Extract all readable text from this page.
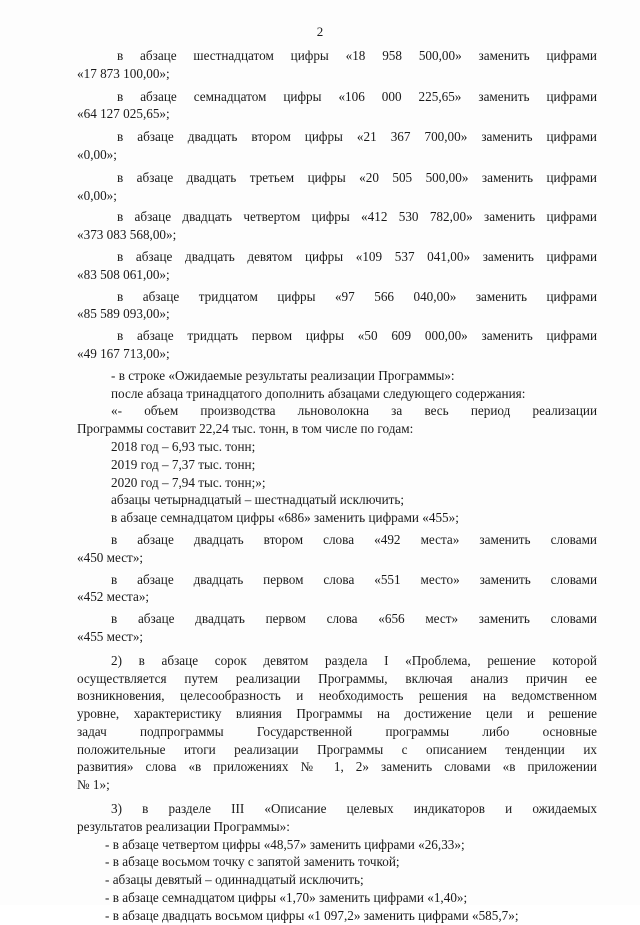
2
в абзаце шестнадцатом цифры «18 958 500,00» заменить цифрами
«17 873 100,00»;
в абзаце семнадцатом цифры «106 000 225,65» заменить цифрами
«64 127 025,65»;
в абзаце двадцать втором цифры «21 367 700,00» заменить цифрами
«0,00»;
в абзаце двадцать третьем цифры «20 505 500,00» заменить цифрами
«0,00»;
в абзаце двадцать четвертом цифры «412 530 782,00» заменить цифрами
«373 083 568,00»;
в абзаце двадцать девятом цифры «109 537 041,00» заменить цифрами
«83 508 061,00»;
в абзаце тридцатом цифры «97 566 040,00» заменить цифрами
«85 589 093,00»;
в абзаце тридцать первом цифры «50 609 000,00» заменить цифрами
«49 167 713,00»;
- в строке «Ожидаемые результаты реализации Программы»:
после абзаца тринадцатого дополнить абзацами следующего содержания:
«- объем производства льноволокна за весь период реализации
Программы составит 22,24 тыс. тонн, в том числе по годам:
2018 год – 6,93 тыс. тонн;
2019 год – 7,37 тыс. тонн;
2020 год – 7,94 тыс. тонн;»;
абзацы четырнадцатый – шестнадцатый исключить;
в абзаце семнадцатом цифры «686» заменить цифрами «455»;
в абзаце двадцать втором слова «492 места» заменить словами
«450 мест»;
в абзаце двадцать первом слова «551 место» заменить словами
«452 места»;
в абзаце двадцать первом слова «656 мест» заменить словами
«455 мест»;
2) в абзаце сорок девятом раздела I «Проблема, решение которой
осуществляется путем реализации Программы, включая анализ причин ее
возникновения, целесообразность и необходимость решения на ведомственном
уровне, характеристику влияния Программы на достижение цели и решение
задач подпрограммы Государственной программы либо основные
положительные итоги реализации Программы с описанием тенденции их
развития» слова «в приложениях № 1, 2» заменить словами «в приложении
№ 1»;
3) в разделе III «Описание целевых индикаторов и ожидаемых
результатов реализации Программы»:
- в абзаце четвертом цифры «48,57» заменить цифрами «26,33»;
- в абзаце восьмом точку с запятой заменить точкой;
- абзацы девятый – одиннадцатый исключить;
- в абзаце семнадцатом цифры «1,70» заменить цифрами «1,40»;
- в абзаце двадцать восьмом цифры «1 097,2» заменить цифрами «585,7»;
